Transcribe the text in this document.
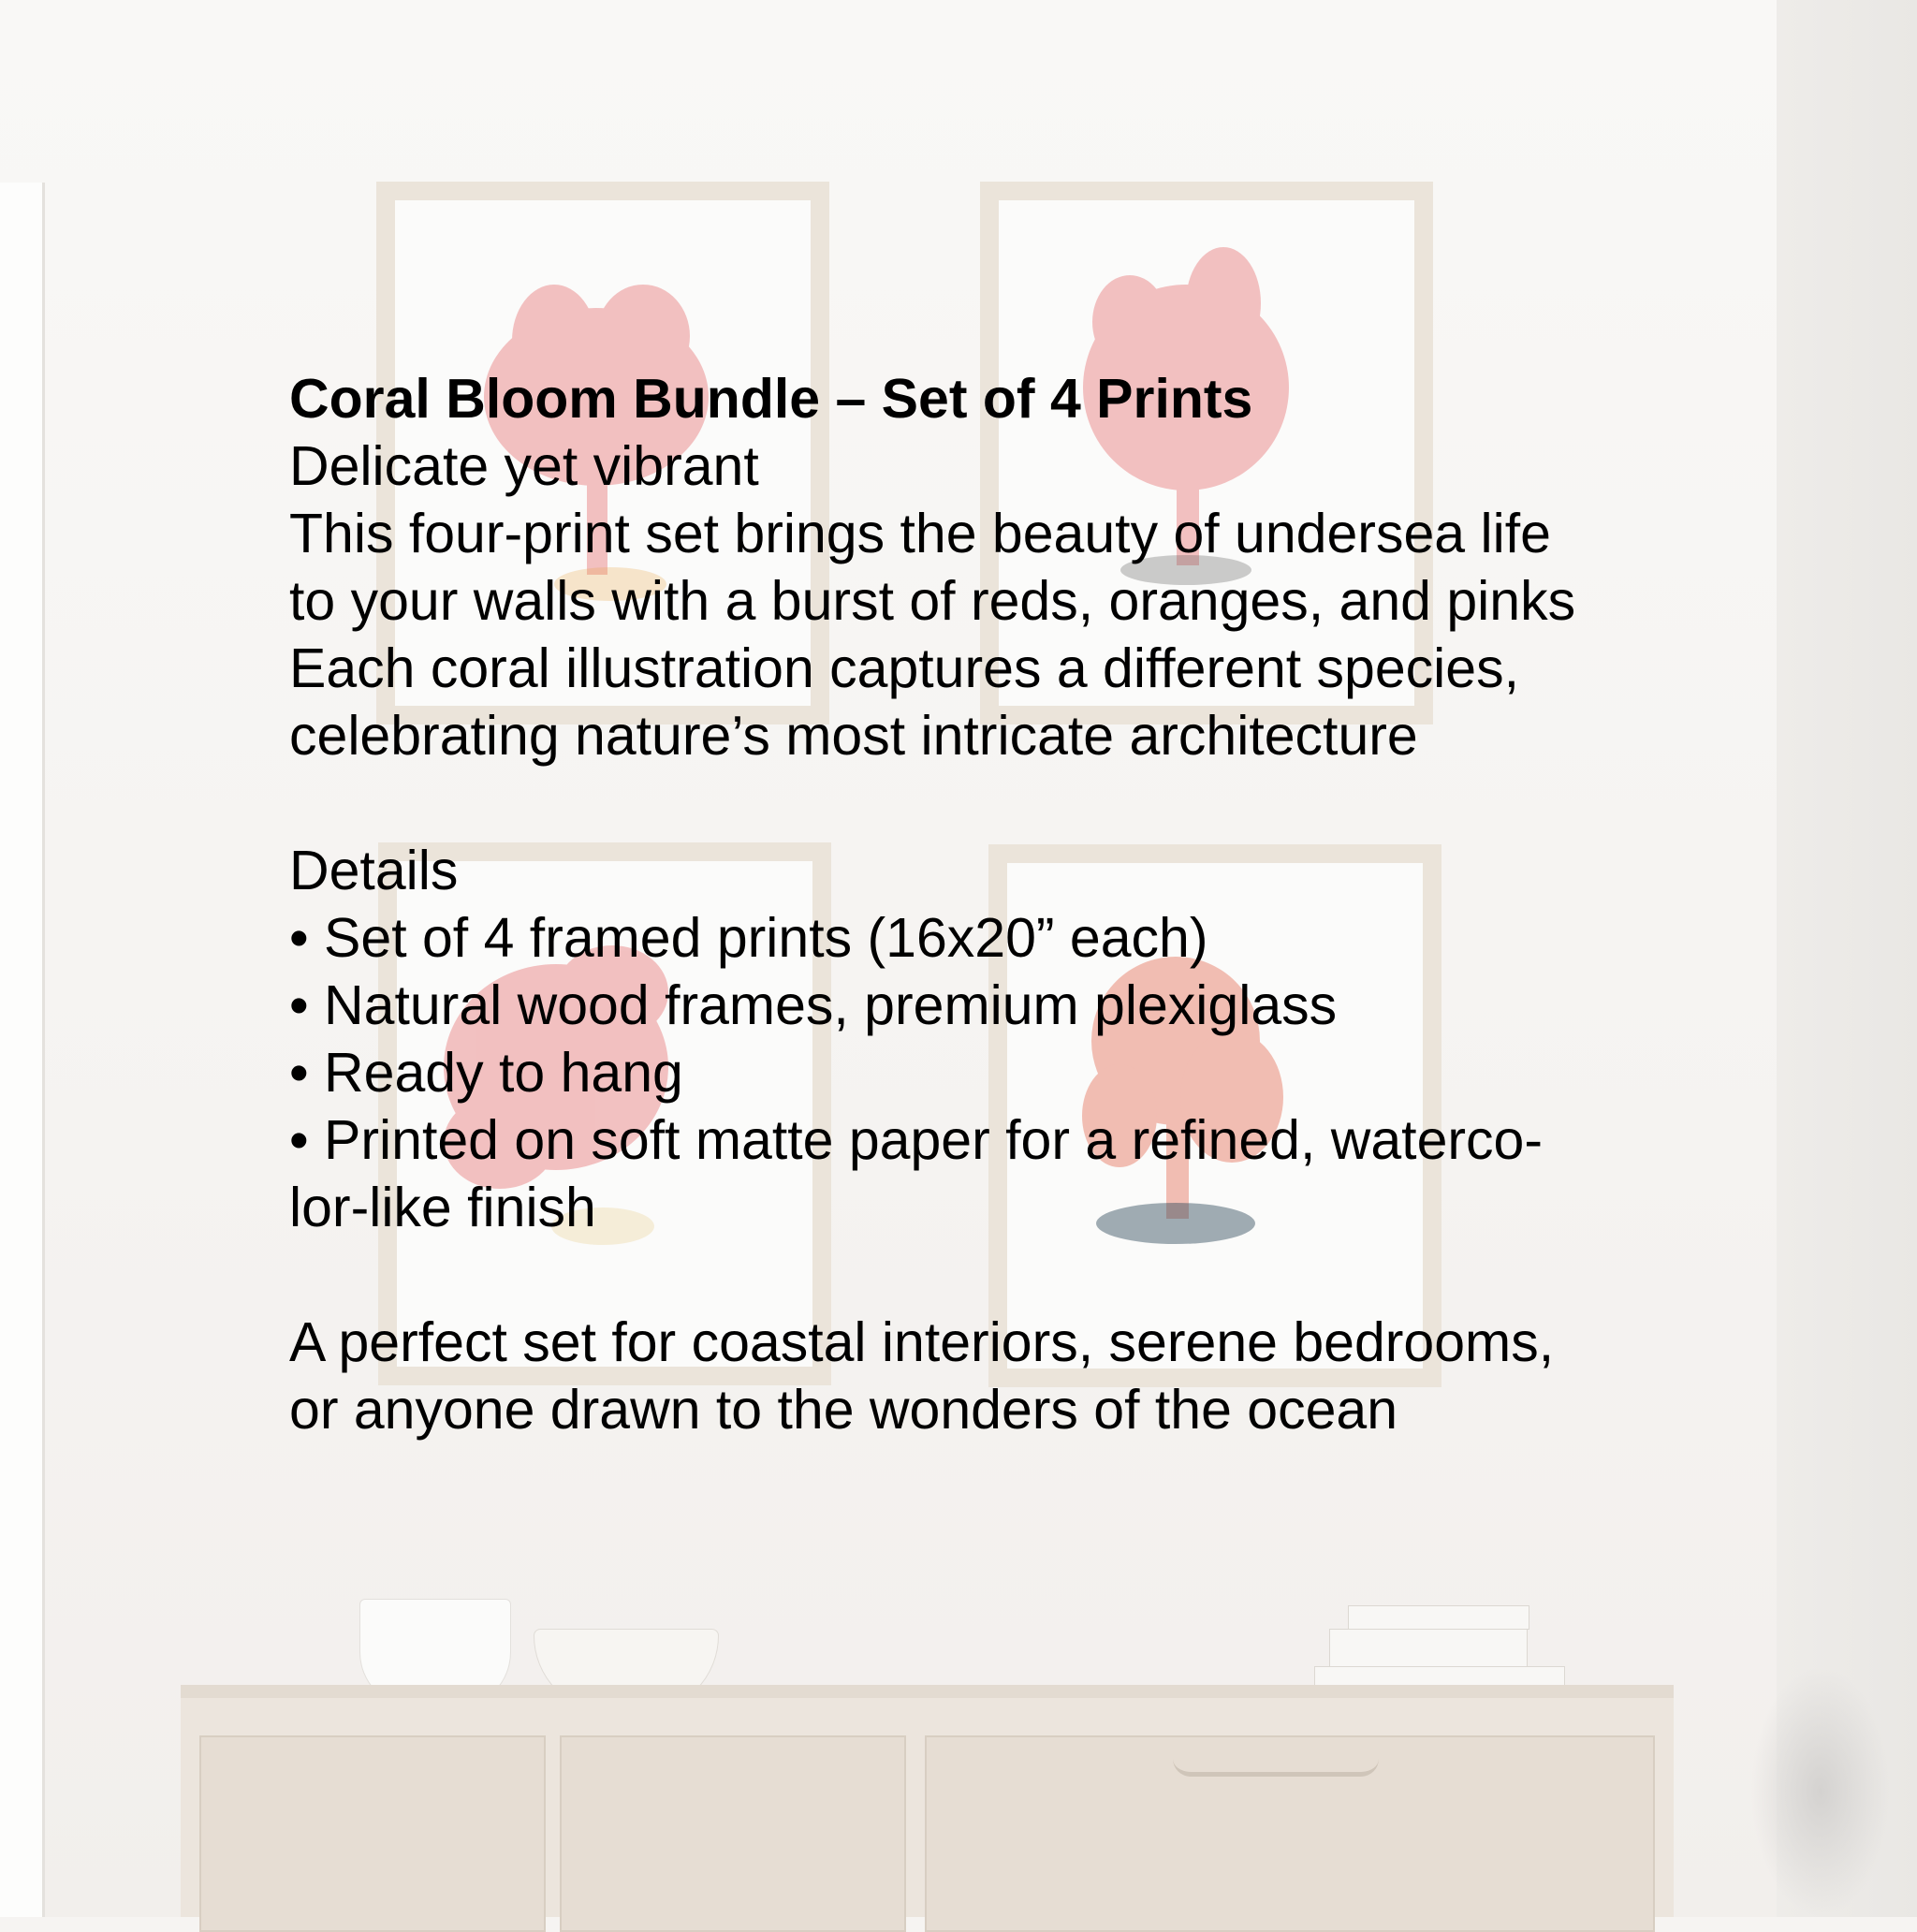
Coral Bloom Bundle – Set of 4 Prints
Delicate yet vibrant
This four-print set brings the beauty of undersea life
to your walls with a burst of reds, oranges, and pinks
Each coral illustration captures a different species,
celebrating nature’s most intricate architecture
Details
• Set of 4 framed prints (16x20” each)
• Natural wood frames, premium plexiglass
• Ready to hang
• Printed on soft matte paper for a refined, waterco-
lor-like finish
A perfect set for coastal interiors, serene bedrooms,
or anyone drawn to the wonders of the ocean
